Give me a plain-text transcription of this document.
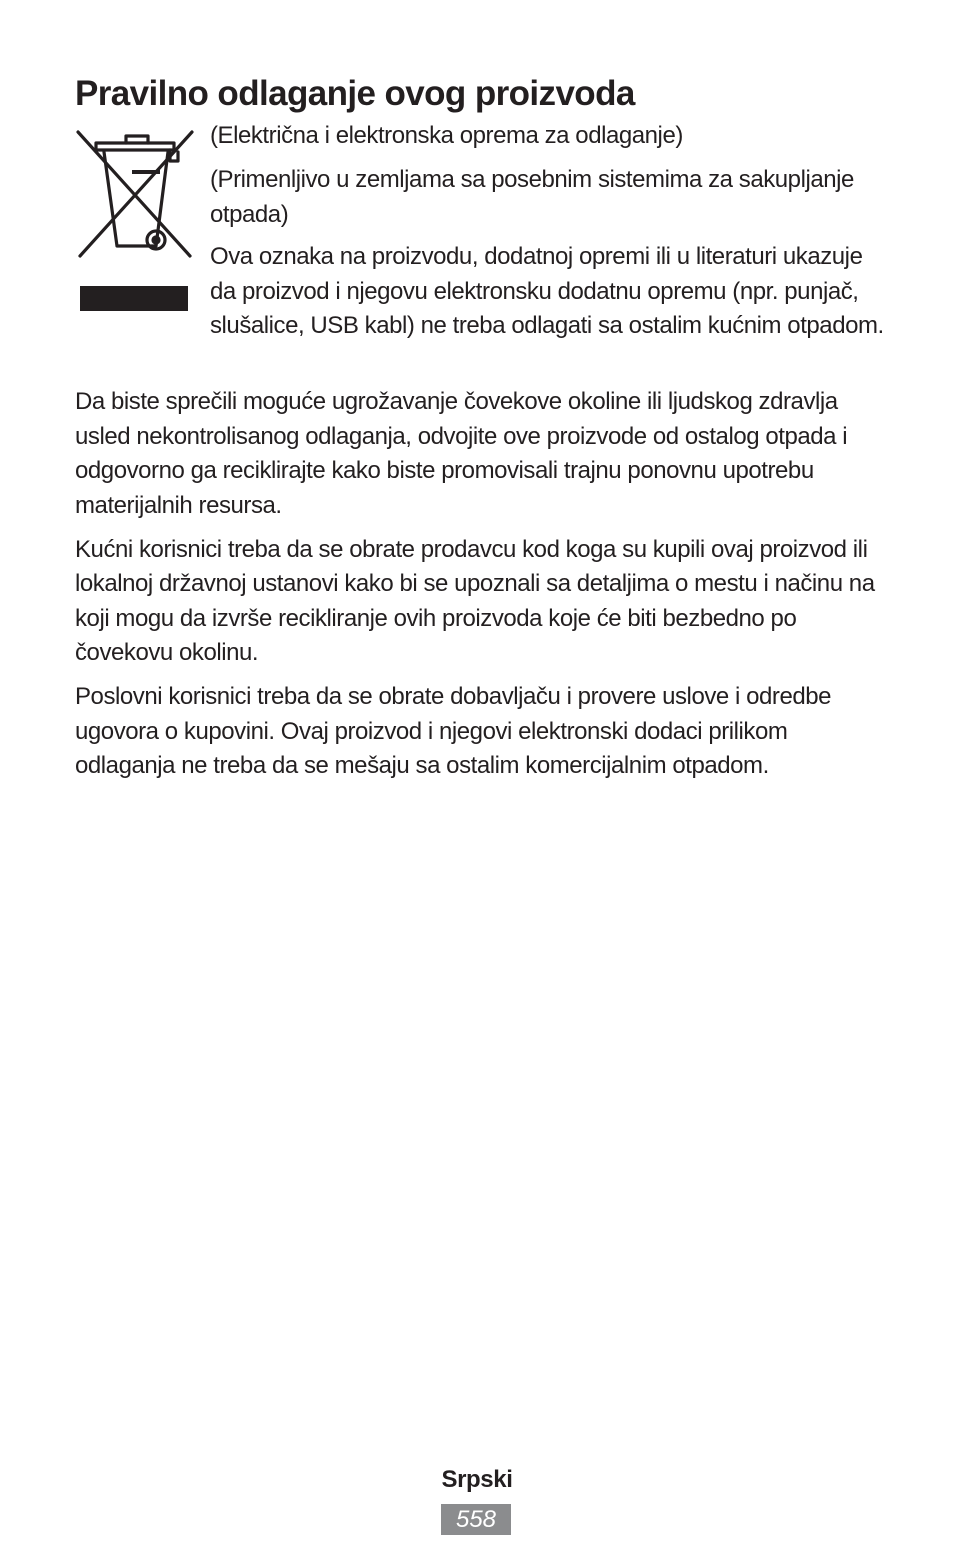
Pravilno odlaganje ovog proizvoda

(Električna i elektronska oprema za odlaganje)

(Primenljivo u zemljama sa posebnim sistemima za sakupljanje otpada)

Ova oznaka na proizvodu, dodatnoj opremi ili u literaturi ukazuje da proizvod i njegovu elektronsku dodatnu opremu (npr. punjač, slušalice, USB kabl) ne treba odlagati sa ostalim kućnim otpadom.

Da biste sprečili moguće ugrožavanje čovekove okoline ili ljudskog zdravlja usled nekontrolisanog odlaganja, odvojite ove proizvode od ostalog otpada i odgovorno ga reciklirajte kako biste promovisali trajnu ponovnu upotrebu materijalnih resursa.

Kućni korisnici treba da se obrate prodavcu kod koga su kupili ovaj proizvod ili lokalnoj državnoj ustanovi kako bi se upoznali sa detaljima o mestu i načinu na koji mogu da izvrše recikliranje ovih proizvoda koje će biti bezbedno po čovekovu okolinu.

Poslovni korisnici treba da se obrate dobavljaču i provere uslove i odredbe ugovora o kupovini. Ovaj proizvod i njegovi elektronski dodaci prilikom odlaganja ne treba da se mešaju sa ostalim komercijalnim otpadom.

Srpski

558
